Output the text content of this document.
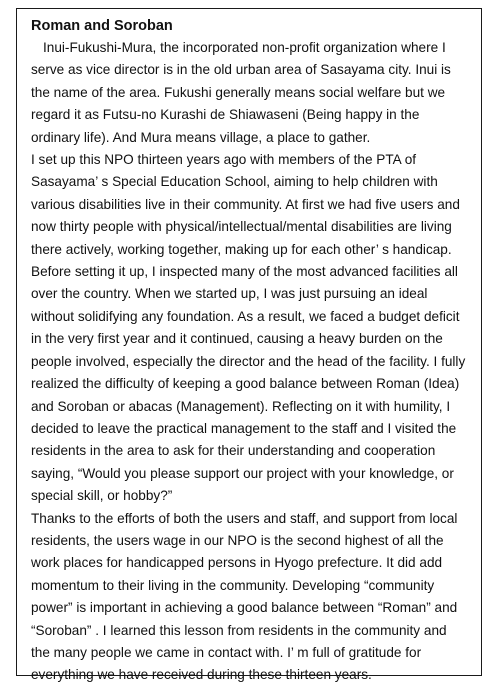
Roman and Soroban

Inui-Fukushi-Mura, the incorporated non-profit organization where I serve as vice director is in the old urban area of Sasayama city. Inui is the name of the area. Fukushi generally means social welfare but we regard it as Futsu-no Kurashi de Shiawaseni (Being happy in the ordinary life). And Mura means village, a place to gather.

I set up this NPO thirteen years ago with members of the PTA of Sasayama’ s Special Education School, aiming to help children with various disabilities live in their community. At first we had five users and now thirty people with physical/intellectual/mental disabilities are living there actively, working together, making up for each other’ s handicap.

Before setting it up, I inspected many of the most advanced facilities all over the country. When we started up, I was just pursuing an ideal without solidifying any foundation. As a result, we faced a budget deficit in the very first year and it continued, causing a heavy burden on the people involved, especially the director and the head of the facility. I fully realized the difficulty of keeping a good balance between Roman (Idea) and Soroban or abacas (Management). Reflecting on it with humility, I decided to leave the practical management to the staff and I visited the residents in the area to ask for their understanding and cooperation saying, “Would you please support our project with your knowledge, or special skill, or hobby?”

Thanks to the efforts of both the users and staff, and support from local residents, the users wage in our NPO is the second highest of all the work places for handicapped persons in Hyogo prefecture. It did add momentum to their living in the community. Developing “community power” is important in achieving a good balance between “Roman” and “Soroban” . I learned this lesson from residents in the community and the many people we came in contact with. I’ m full of gratitude for everything we have received during these thirteen years.
